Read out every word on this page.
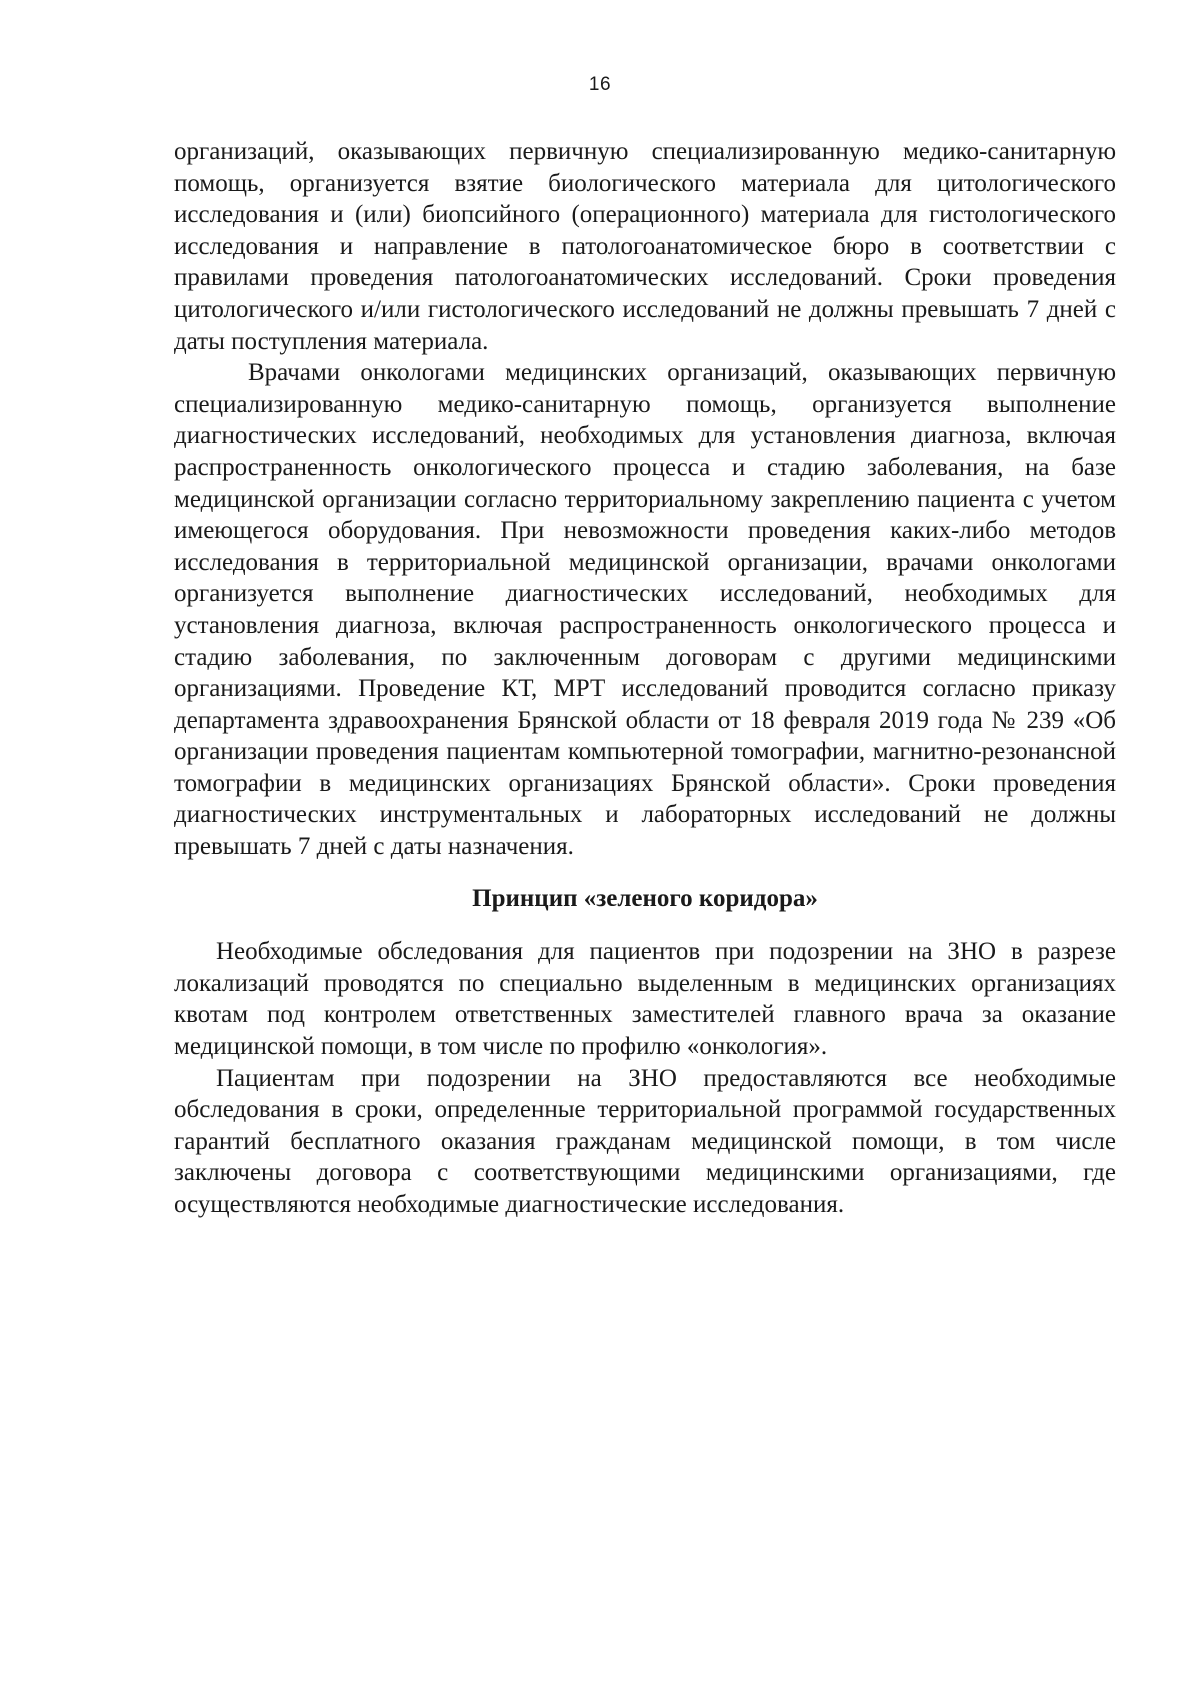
16

организаций, оказывающих первичную специализированную медико-санитарную помощь, организуется взятие биологического материала для цитологического исследования и (или) биопсийного (операционного) материала для гистологического исследования и направление в патологоанатомическое бюро в соответствии с правилами проведения патологоанатомических исследований. Сроки проведения цитологического и/или гистологического исследований не должны превышать 7 дней с даты поступления материала.

Врачами онкологами медицинских организаций, оказывающих первичную специализированную медико-санитарную помощь, организуется выполнение диагностических исследований, необходимых для установления диагноза, включая распространенность онкологического процесса и стадию заболевания, на базе медицинской организации согласно территориальному закреплению пациента с учетом имеющегося оборудования. При невозможности проведения каких-либо методов исследования в территориальной медицинской организации, врачами онкологами организуется выполнение диагностических исследований, необходимых для установления диагноза, включая распространенность онкологического процесса и стадию заболевания, по заключенным договорам с другими медицинскими организациями. Проведение КТ, МРТ исследований проводится согласно приказу департамента здравоохранения Брянской области от 18 февраля 2019 года № 239 «Об организации проведения пациентам компьютерной томографии, магнитно-резонансной томографии в медицинских организациях Брянской области». Сроки проведения диагностических инструментальных и лабораторных исследований не должны превышать 7 дней с даты назначения.

Принцип «зеленого коридора»

Необходимые обследования для пациентов при подозрении на ЗНО в разрезе локализаций проводятся по специально выделенным в медицинских организациях квотам под контролем ответственных заместителей главного врача за оказание медицинской помощи, в том числе по профилю «онкология».

Пациентам при подозрении на ЗНО предоставляются все необходимые обследования в сроки, определенные территориальной программой государственных гарантий бесплатного оказания гражданам медицинской помощи, в том числе заключены договора с соответствующими медицинскими организациями, где осуществляются необходимые диагностические исследования.
